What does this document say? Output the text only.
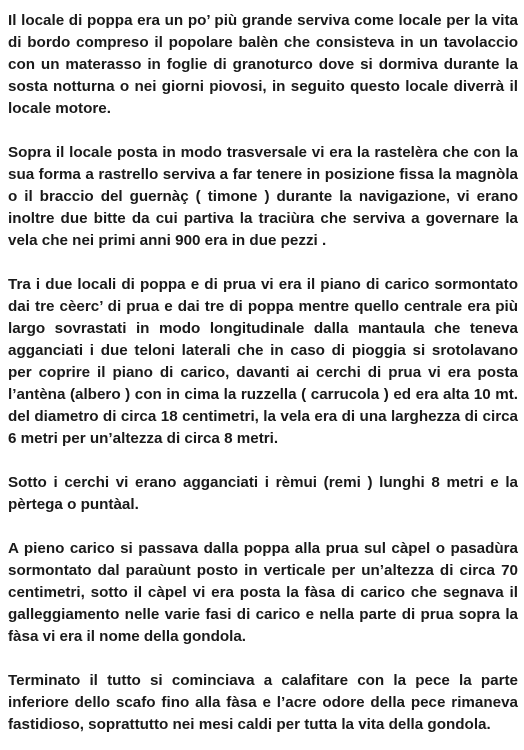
Il locale di poppa era un po’ più grande serviva come locale per la vita di bordo compreso il popolare balèn che consisteva in un tavolaccio con un materasso in foglie di granoturco dove si dormiva durante la sosta notturna o nei giorni piovosi, in seguito questo locale diverrà il locale motore.

Sopra il locale posta in modo trasversale vi era la rastelèra che con la sua forma a rastrello serviva a far tenere in posizione fissa la magnòla o il braccio del guernàç ( timone ) durante la navigazione, vi erano inoltre due bitte da cui partiva la traciùra che serviva a governare la vela che nei primi anni 900 era in due pezzi .

Tra i due locali di poppa e di prua vi era il piano di carico sormontato dai tre cèerc’ di prua e dai tre di poppa mentre quello centrale era più largo sovrastati in modo longitudinale dalla mantaula che teneva agganciati i due teloni laterali che in caso di pioggia si srotolavano per coprire il piano di carico, davanti ai cerchi di prua vi era posta l’antèna (albero ) con in cima la ruzzella ( carrucola ) ed era alta 10 mt. del diametro di circa 18 centimetri, la vela era di una larghezza di circa 6 metri per un’altezza di circa 8 metri.

Sotto i cerchi vi erano agganciati i rèmui (remi ) lunghi 8 metri e la pèrtega o puntàal.

A pieno carico si passava dalla poppa alla prua sul càpel o pasadùra sormontato dal paraùunt posto in verticale per un’altezza di circa 70 centimetri, sotto il càpel vi era posta la fàsa di carico che segnava il galleggiamento nelle varie fasi di carico e nella parte di prua sopra la fàsa vi era il nome della gondola.

Terminato il tutto si cominciava a calafitare con la pece la parte inferiore dello scafo fino alla fàsa e l’acre odore della pece rimaneva fastidioso, soprattutto nei mesi caldi per tutta la vita della gondola.
